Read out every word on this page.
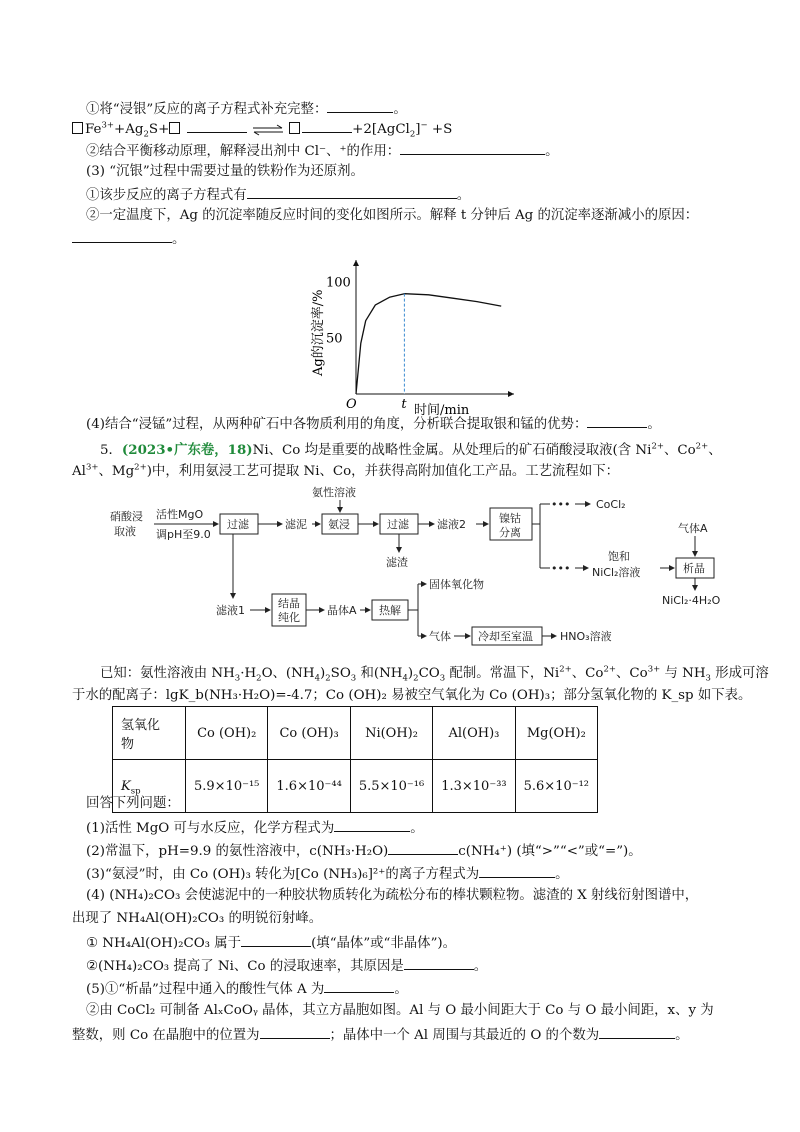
①将“浸银”反应的离子方程式补充完整：	。
$Fe^{3+}+Ag_2S+$	+2[AgCl$_2$]− +S
②结合平衡移动原理，解释浸出剂中 Cl⁻、⁺的作用：	。
(3) “沉银”过程中需要过量的铁粉作为还原剂。
①该步反应的离子方程式有	。
②一定温度下，Ag 的沉淀率随反应时间的变化如图所示。解释 t 分钟后 Ag 的沉淀率逐渐减小的原因：
。
100
50
O	t 时间/min
Ag的沉淀率/%
(4)结合“浸锰”过程，从两种矿石中各物质利用的角度，分析联合提取银和锰的优势：	。
5．(2023•广东卷，18)Ni、Co 均是重要的战略性金属。从处理后的矿石硝酸浸取液(含 $Ni^{2+}$、$Co^{2+}$、
$Al^{3+}$、$Mg^{2+}$)中，利用氨浸工艺可提取 Ni、Co，并获得高附加值化工产品。工艺流程如下：
硝酸浸
取液
活性MgO
调pH至9.0
过滤	滤泥
氨性溶液
氨浸	过滤
滤渣
滤液2	镍钴
分离
••• CoCl₂
•••
气体A
饱和
NiCl₂溶液	析晶
NiCl₂·4H₂O
滤液1
结晶
纯化
晶体A 热解
固体氧化物
气体 冷却至室温 HNO₃溶液
已知：氨性溶液由 $NH_3\cdot H_2O$、$(NH_4)_2SO_3$ 和$(NH_4)_2CO_3$ 配制。常温下，$Ni^{2+}$、$Co^{2+}$、$Co^{3+}$ 与 $NH_3$ 形成可溶
于水的配离子：lgK_b(NH₃·H₂O)=-4.7；Co (OH)₂ 易被空气氧化为 Co (OH)₃；部分氢氧化物的 K_sp 如下表。
氢氧化
物	Co (OH)₂	Co (OH)₃	Ni(OH)₂	Al(OH)₃	Mg(OH)₂
$K_{sp}$	5.9×10⁻¹⁵	1.6×10⁻⁴⁴	5.5×10⁻¹⁶	1.3×10⁻³³	5.6×10⁻¹²
回答下列问题：
(1)活性 MgO 可与水反应，化学方程式为	。
(2)常温下，pH=9.9 的氨性溶液中，c(NH₃·H₂O)	c(NH₄⁺) (填“>”“<”或“=”)。
(3)“氨浸”时，由 Co (OH)₃ 转化为[Co (NH₃)₆]²⁺的离子方程式为	。
(4) (NH₄)₂CO₃ 会使滤泥中的一种胶状物质转化为疏松分布的棒状颗粒物。滤渣的 X 射线衍射图谱中，
出现了 NH₄Al(OH)₂CO₃ 的明锐衍射峰。
① NH₄Al(OH)₂CO₃ 属于	(填“晶体”或“非晶体”)。
②(NH₄)₂CO₃ 提高了 Ni、Co 的浸取速率，其原因是	。
(5)①“析晶”过程中通入的酸性气体 A 为	。
②由 CoCl₂ 可制备 AlₓCoOᵧ 晶体，其立方晶胞如图。Al 与 O 最小间距大于 Co 与 O 最小间距，x、y 为
整数，则 Co 在晶胞中的位置为	；晶体中一个 Al 周围与其最近的 O 的个数为	。
